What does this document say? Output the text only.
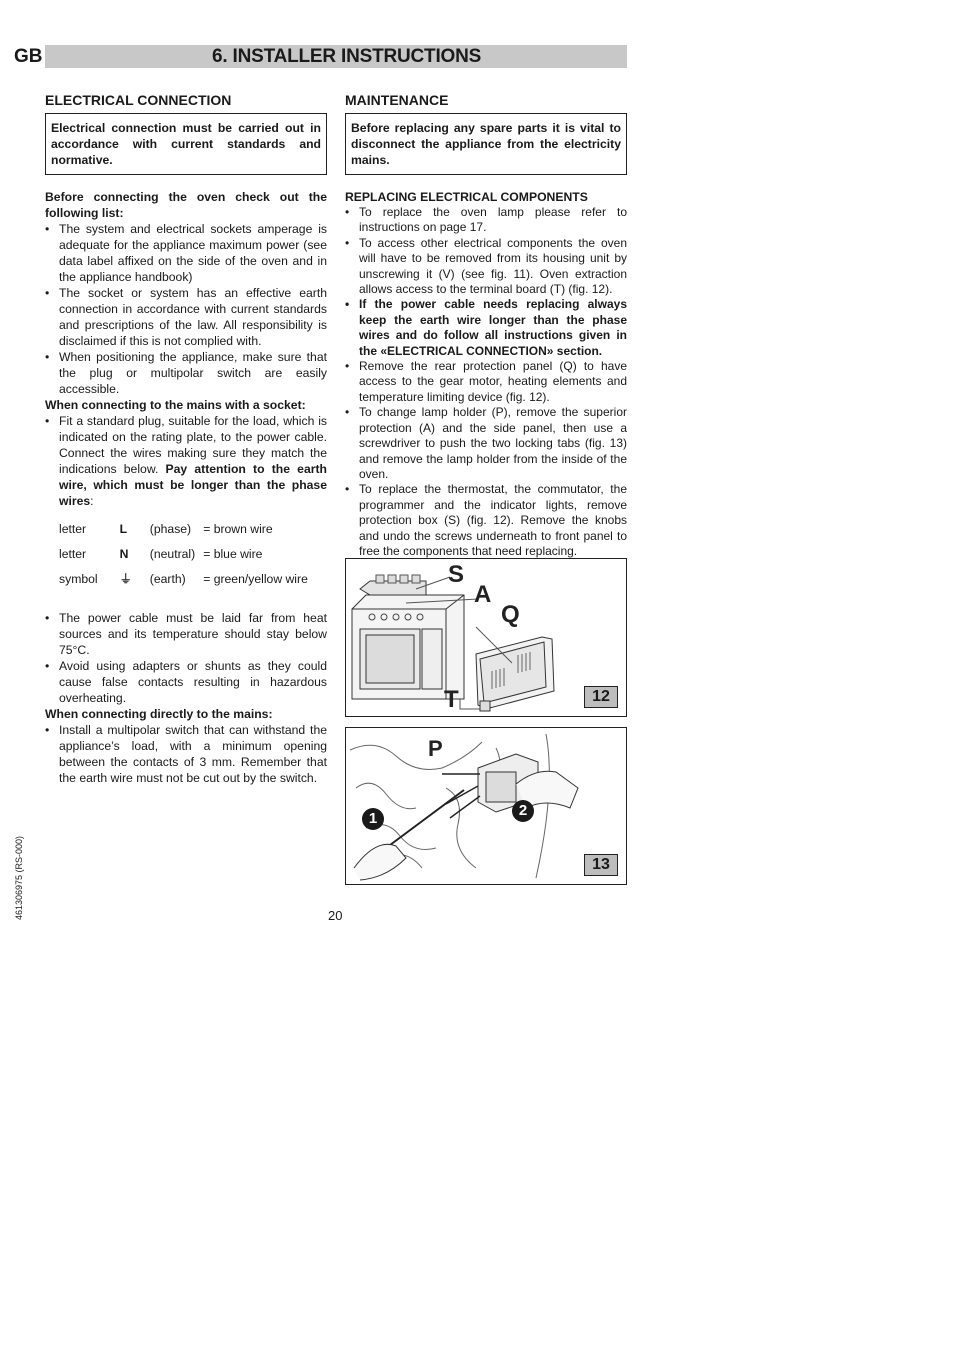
GB	6. INSTALLER INSTRUCTIONS
ELECTRICAL CONNECTION
Electrical connection must be carried out in accordance with current standards and normative.

Before connecting the oven check out the following list:

• The system and electrical sockets amperage is adequate for the appliance maximum power (see data label affixed on the side of the oven and in the appliance handbook)
• The socket or system has an effective earth connection in accordance with current standards and prescriptions of the law. All responsibility is disclaimed if this is not complied with.
• When positioning the appliance, make sure that the plug or multipolar switch are easily accessible.

When connecting to the mains with a socket:

• Fit a standard plug, suitable for the load, which is indicated on the rating plate, to the power cable. Connect the wires making sure they match the indications below. Pay attention to the earth wire, which must be longer than the phase wires:
letter	L	(phase)	= brown wire
letter	N	(neutral)	= blue wire
symbol	⏚	(earth)	= green/yellow wire
• The power cable must be laid far from heat sources and its temperature should stay below 75°C.
• Avoid using adapters or shunts as they could cause false contacts resulting in hazardous overheating.

When connecting directly to the mains:

• Install a multipolar switch that can withstand the appliance’s load, with a minimum opening between the contacts of 3 mm. Remember that the earth wire must not be cut out by the switch.
MAINTENANCE
Before replacing any spare parts it is vital to disconnect the appliance from the electricity mains.

REPLACING ELECTRICAL COMPONENTS

• To replace the oven lamp please refer to instructions on page 17.
• To access other electrical components the oven will have to be removed from its housing unit by unscrewing it (V) (see fig. 11). Oven extraction allows access to the terminal board (T) (fig. 12).
• If the power cable needs replacing always keep the earth wire longer than the phase wires and do follow all instructions given in the «ELECTRICAL CONNECTION» section.
• Remove the rear protection panel (Q) to have access to the gear motor, heating elements and temperature limiting device (fig. 12).
• To change lamp holder (P), remove the superior protection (A) and the side panel, then use a screwdriver to push the two locking tabs (fig. 13) and remove the lamp holder from the inside of the oven.
• To replace the thermostat, the commutator, the programmer and the indicator lights, remove protection box (S) (fig. 12). Remove the knobs and undo the screws underneath to front panel to free the components that need replacing.
S
A
Q
T	12
P
1	2
13
20
461306975 (RS-000)
